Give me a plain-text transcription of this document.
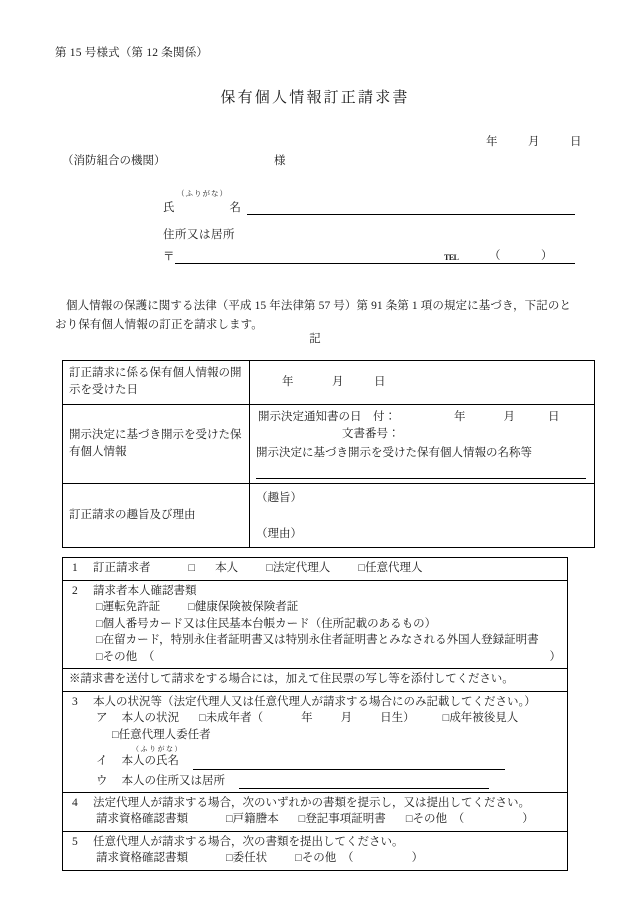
第 15 号様式（第 12 条関係）
保有個人情報訂正請求書
年	月	日
（消防組合の機関）	様
（ふりがな）
氏	名
住所又は居所
〒	TEL	（	）
個人情報の保護に関する法律（平成 15 年法律第 57 号）第 91 条第 1 項の規定に基づき，下記のとおり保有個人情報の訂正を請求します。
記
訂正請求に係る保有個人情報の開示を受けた日	年 月 日

開示決定に基づき開示を受けた保有個人情報	開示決定通知書の日　付： 年 月 日
文書番号：
開示決定に基づき開示を受けた保有個人情報の名称等

訂正請求の趣旨及び理由	（趣旨）
（理由）
1 訂正請求者	□ 本人	□法定代理人	□任意代理人

2 請求者本人確認書類
□運転免許証	□健康保険被保険者証
□個人番号カード又は住民基本台帳カード（住所記載のあるもの）
□在留カード，特別永住者証明書又は特別永住者証明書とみなされる外国人登録証明書
□その他　（	）

※請求書を送付して請求をする場合には，加えて住民票の写し等を添付してください。

3 本人の状況等（法定代理人又は任意代理人が請求する場合にのみ記載してください。）
ア 本人の状況 □未成年者（	年 月 日生）	□成年被後見人
□任意代理人委任者
（ふりがな）
イ 本人の氏名
ウ 本人の住所又は居所

4 法定代理人が請求する場合，次のいずれかの書類を提示し，又は提出してください。
請求資格確認書類	□戸籍謄本 □登記事項証明書 □その他　（	）

5 任意代理人が請求する場合，次の書類を提出してください。
請求資格確認書類	□委任状	□その他　（	）
